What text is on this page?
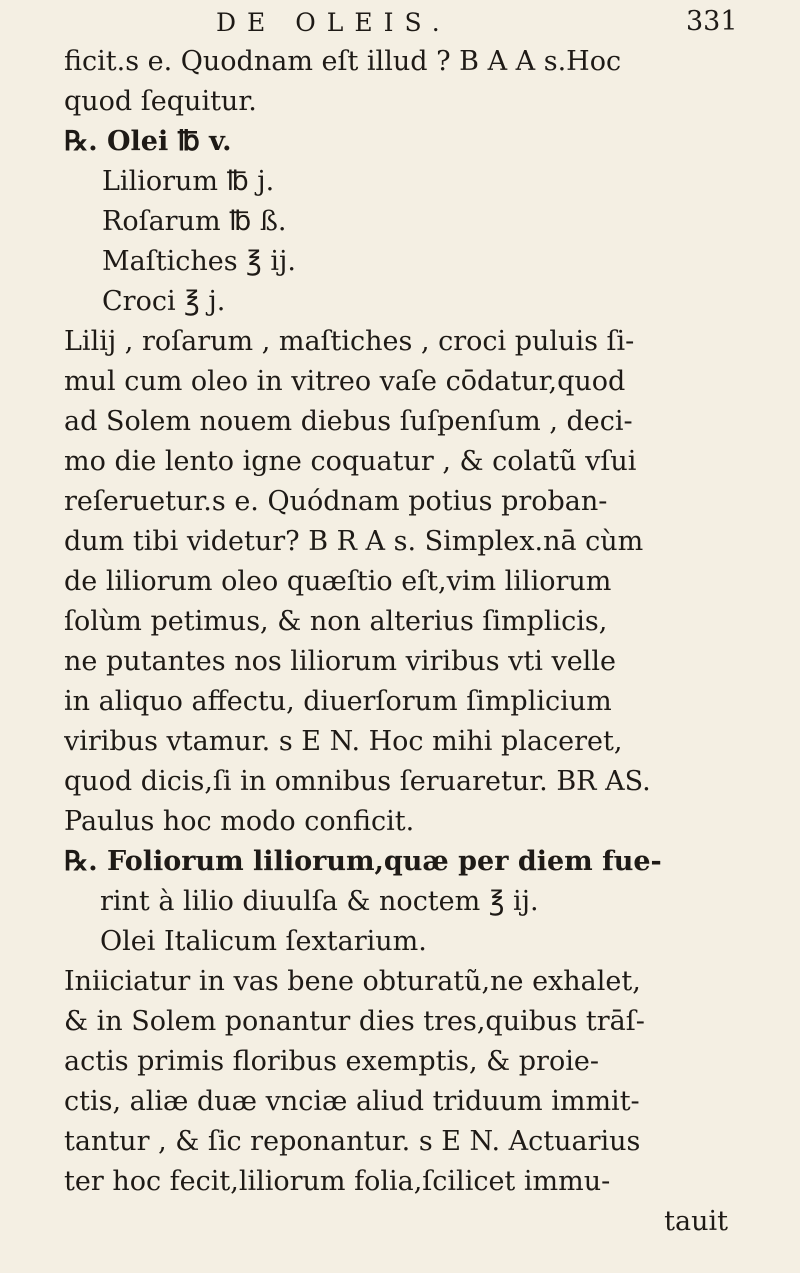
DE OLEIS.	331
ficit.s e. Quodnam eſt illud ? B A A s.Hoc
quod ſequitur.
℞. Olei ℔ v.
Liliorum ℔ j.
Roſarum ℔ ß.
Maſtiches ℥ ij.
Croci ℥ j.
Lilij , roſarum , maſtiches , croci puluis ſi-
mul cum oleo in vitreo vaſe cōdatur,quod
ad Solem nouem diebus ſuſpenſum , deci-
mo die lento igne coquatur , & colatũ vſui
reſeruetur.s e. Quódnam potius proban-
dum tibi videtur? B R A s. Simplex.nā cùm
de liliorum oleo quæſtio eſt,vim liliorum
ſolùm petimus, & non alterius ſimplicis,
ne putantes nos liliorum viribus vti velle
in aliquo affectu, diuerſorum ſimplicium
viribus vtamur. s E N. Hoc mihi placeret,
quod dicis,ſi in omnibus ſeruaretur. BR AS.
Paulus hoc modo conficit.
℞. Foliorum liliorum,quæ per diem fue-
rint à lilio diuulſa & noctem ℥ ij.
Olei Italicum ſextarium.
Iniiciatur in vas bene obturatũ,ne exhalet,
& in Solem ponantur dies tres,quibus trāſ-
actis primis floribus exemptis, & proie-
ctis, aliæ duæ vnciæ aliud triduum immit-
tantur , & ſic reponantur. s E N. Actuarius
ter hoc fecit,liliorum folia,ſcilicet immu-
tauit
